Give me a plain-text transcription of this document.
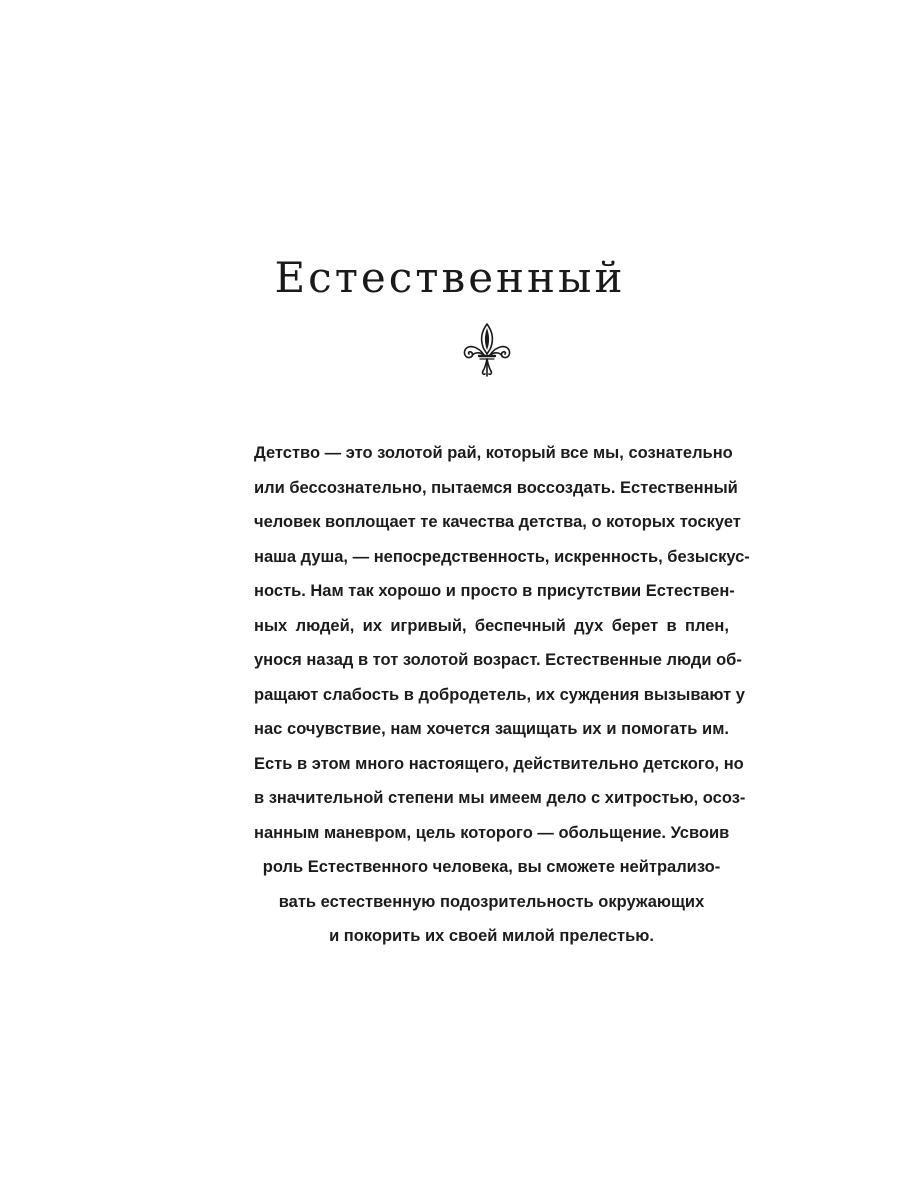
Естественный
Детство — это золотой рай, который все мы, сознательно
или бессознательно, пытаемся воссоздать. Естественный
человек воплощает те качества детства, о которых тоскует
наша душа, — непосредственность, искренность, безыскус-
ность. Нам так хорошо и просто в присутствии Естествен-
ных людей, их игривый, беспечный дух берет в плен,
унося назад в тот золотой возраст. Естественные люди об-
ращают слабость в добродетель, их суждения вызывают у
нас сочувствие, нам хочется защищать их и помогать им.
Есть в этом много настоящего, действительно детского, но
в значительной степени мы имеем дело с хитростью, осоз-
нанным маневром, цель которого — обольщение. Усвоив
роль Естественного человека, вы сможете нейтрализо-
вать естественную подозрительность окружающих
и покорить их своей милой прелестью.
